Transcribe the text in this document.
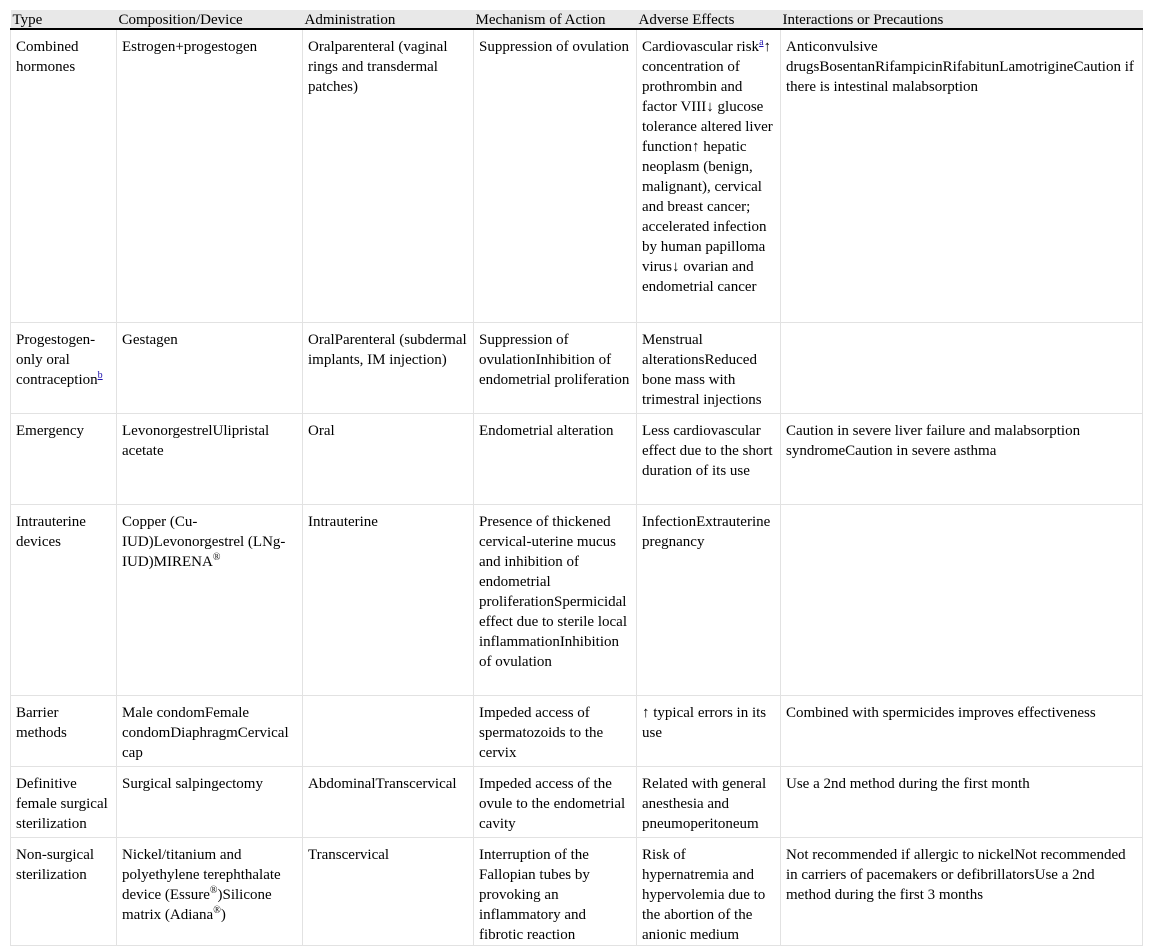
Type	Composition/Device	Administration	Mechanism of Action	Adverse Effects	Interactions or Precautions
Combined hormones	Estrogen+progestogen	Oralparenteral (vaginal rings and transdermal patches)	Suppression of ovulation	Cardiovascular risk$^a$↑ concentration of prothrombin and factor VIII↓ glucose tolerance altered liver function↑ hepatic neoplasm (benign, malignant), cervical and breast cancer; accelerated infection by human papilloma virus↓ ovarian and endometrial cancer	Anticonvulsive drugsBosentanRifampicinRifabitunLamotrigineCaution if there is intestinal malabsorption
Progestogen-only oral contraception$^b$	Gestagen	OralParenteral (subdermal implants, IM injection)	Suppression of ovulationInhibition of endometrial proliferation	Menstrual alterationsReduced bone mass with trimestral injections	
Emergency	LevonorgestrelUlipristal acetate	Oral	Endometrial alteration	Less cardiovascular effect due to the short duration of its use	Caution in severe liver failure and malabsorption syndromeCaution in severe asthma
Intrauterine devices	Copper (Cu-IUD)Levonorgestrel (LNg-IUD)MIRENA®	Intrauterine	Presence of thickened cervical-uterine mucus and inhibition of endometrial proliferationSpermicidal effect due to sterile local inflammationInhibition of ovulation	InfectionExtrauterine pregnancy	
Barrier methods	Male condomFemale condomDiaphragmCervical cap		Impeded access of spermatozoids to the cervix	↑ typical errors in its use	Combined with spermicides improves effectiveness
Definitive female surgical sterilization	Surgical salpingectomy	AbdominalTranscervical	Impeded access of the ovule to the endometrial cavity	Related with general anesthesia and pneumoperitoneum	Use a 2nd method during the first month
Non-surgical sterilization	Nickel/titanium and polyethylene terephthalate device (Essure®)Silicone matrix (Adiana®)	Transcervical	Interruption of the Fallopian tubes by provoking an inflammatory and fibrotic reaction	Risk of hypernatremia and hypervolemia due to the abortion of the anionic medium	Not recommended if allergic to nickelNot recommended in carriers of pacemakers or defibrillatorsUse a 2nd method during the first 3 months
